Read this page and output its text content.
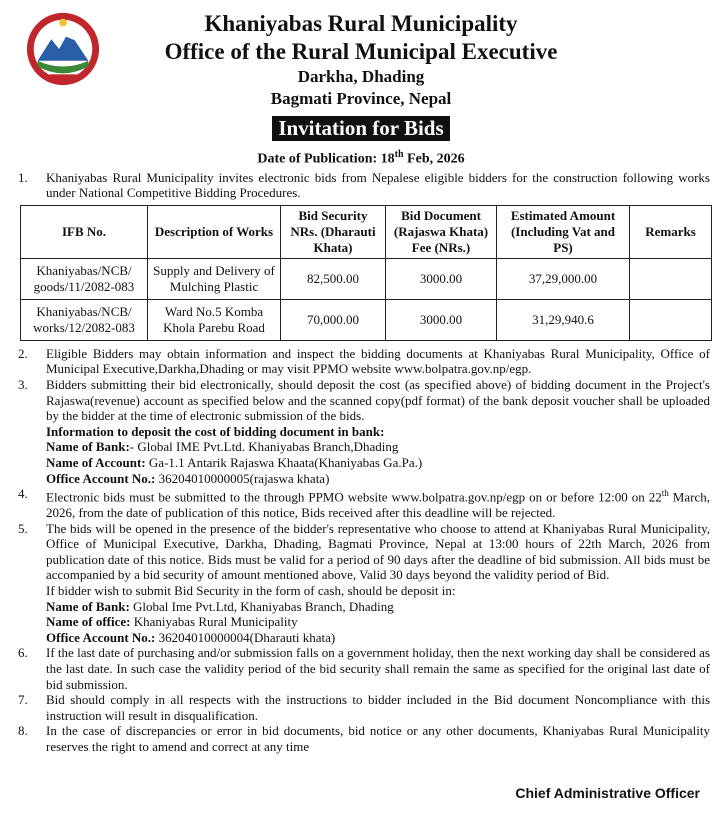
Khaniyabas Rural Municipality
Office of the Rural Municipal Executive
Darkha, Dhading
Bagmati Province, Nepal
Invitation for Bids
Date of Publication: 18th Feb, 2026
1.	Khaniyabas Rural Municipality invites electronic bids from Nepalese eligible bidders for the construction following works under National Competitive Bidding Procedures.
IFB No.	Description of Works	Bid Security NRs. (Dharauti Khata)	Bid Document (Rajaswa Khata) Fee (NRs.)	Estimated Amount (Including Vat and PS)	Remarks
Khaniyabas/NCB/ goods/11/2082-083	Supply and Delivery of Mulching Plastic	82,500.00	3000.00	37,29,000.00	
Khaniyabas/NCB/ works/12/2082-083	Ward No.5 Komba Khola Parebu Road	70,000.00	3000.00	31,29,940.6	
2.	Eligible Bidders may obtain information and inspect the bidding documents at Khaniyabas Rural Municipality, Office of Municipal Executive,Darkha,Dhading or may visit PPMO website www.bolpatra.gov.np/egp.
3.	Bidders submitting their bid electronically, should deposit the cost (as specified above) of bidding document in the Project's Rajaswa(revenue) account as specified below and the scanned copy(pdf format) of the bank deposit voucher shall be uploaded by the bidder at the time of electronic submission of the bids.
Information to deposit the cost of bidding document in bank:
Name of Bank:- Global IME Pvt.Ltd. Khaniyabas Branch,Dhading
Name of Account: Ga-1.1 Antarik Rajaswa Khaata(Khaniyabas Ga.Pa.)
Office Account No.: 36204010000005(rajaswa khata)
4.	Electronic bids must be submitted to the through PPMO website www.bolpatra.gov.np/egp on or before 12:00 on 22th March, 2026, from the date of publication of this notice, Bids received after this deadline will be rejected.
5.	The bids will be opened in the presence of the bidder's representative who choose to attend at Khaniyabas Rural Municipality, Office of Municipal Executive, Darkha, Dhading, Bagmati Province, Nepal at 13:00 hours of 22th March, 2026 from publication date of this notice. Bids must be valid for a period of 90 days after the deadline of bid submission. All bids must be accompanied by a bid security of amount mentioned above, Valid 30 days beyond the validity period of Bid.
If bidder wish to submit Bid Security in the form of cash, should be deposit in:
Name of Bank: Global Ime Pvt.Ltd, Khaniyabas Branch, Dhading
Name of office: Khaniyabas Rural Municipality
Office Account No.: 36204010000004(Dharauti khata)
6.	If the last date of purchasing and/or submission falls on a government holiday, then the next working day shall be considered as the last date. In such case the validity period of the bid security shall remain the same as specified for the original last date of bid submission.
7.	Bid should comply in all respects with the instructions to bidder included in the Bid document Noncompliance with this instruction will result in disqualification.
8.	In the case of discrepancies or error in bid documents, bid notice or any other documents, Khaniyabas Rural Municipality reserves the right to amend and correct at any time
Chief Administrative Officer
